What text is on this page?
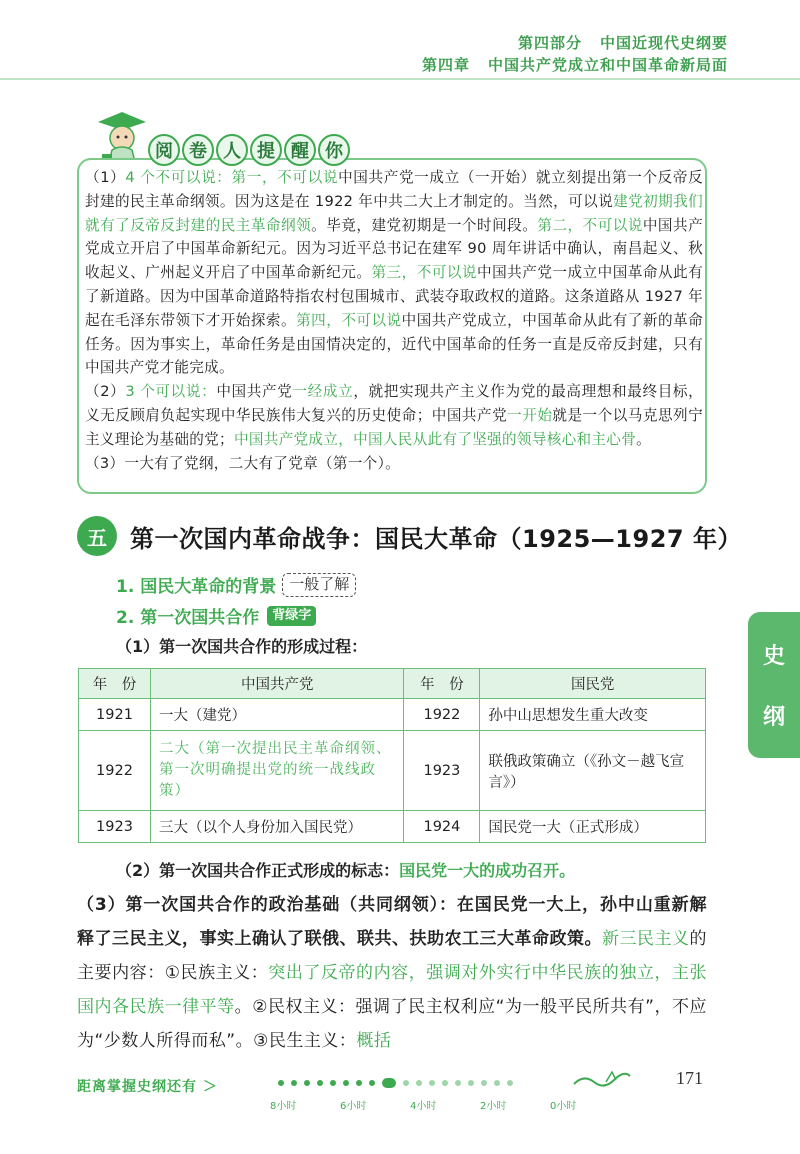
第四部分 中国近现代史纲要
第四章 中国共产党成立和中国革命新局面
阅 卷 人 提 醒 你

（1）4 个不可以说：第一，不可以说中国共产党一成立（一开始）就立刻提出第一个反帝反封建的民主革命纲领。因为这是在 1922 年中共二大上才制定的。当然，可以说建党初期我们就有了反帝反封建的民主革命纲领。毕竟，建党初期是一个时间段。第二，不可以说中国共产党成立开启了中国革命新纪元。因为习近平总书记在建军 90 周年讲话中确认，南昌起义、秋收起义、广州起义开启了中国革命新纪元。第三，不可以说中国共产党一成立中国革命从此有了新道路。因为中国革命道路特指农村包围城市、武装夺取政权的道路。这条道路从 1927 年起在毛泽东带领下才开始探索。第四，不可以说中国共产党成立，中国革命从此有了新的革命任务。因为事实上，革命任务是由国情决定的，近代中国革命的任务一直是反帝反封建，只有中国共产党才能完成。

（2）3 个可以说：中国共产党一经成立，就把实现共产主义作为党的最高理想和最终目标，义无反顾肩负起实现中华民族伟大复兴的历史使命；中国共产党一开始就是一个以马克思列宁主义理论为基础的党；中国共产党成立，中国人民从此有了坚强的领导核心和主心骨。

（3）一大有了党纲，二大有了党章（第一个）。

五 第一次国内革命战争：国民大革命（1925—1927 年）
1. 国民大革命的背景 一般了解
2. 第一次国共合作	背绿字
（1）第一次国共合作的形成过程：
年　份	中国共产党	年　份	国民党
1921	一大（建党）	1922	孙中山思想发生重大改变
1922	二大（第一次提出民主革命纲领、第一次明确提出党的统一战线政策）	1923	联俄政策确立（《孙文－越飞宣言》）
1923	三大（以个人身份加入国民党）	1924	国民党一大（正式形成）
（2）第一次国共合作正式形成的标志：国民党一大的成功召开。
（3）第一次国共合作的政治基础（共同纲领）：在国民党一大上，孙中山重新解释了三民主义，事实上确认了联俄、联共、扶助农工三大革命政策。新三民主义的主要内容：①民族主义：突出了反帝的内容，强调对外实行中华民族的独立，主张国内各民族一律平等。②民权主义：强调了民主权利应“为一般平民所共有”，不应为“少数人所得而私”。③民生主义：概括
史
纲
距离掌握史纲还有 ＞
8小时	6小时	4小时	2小时	0小时
171
